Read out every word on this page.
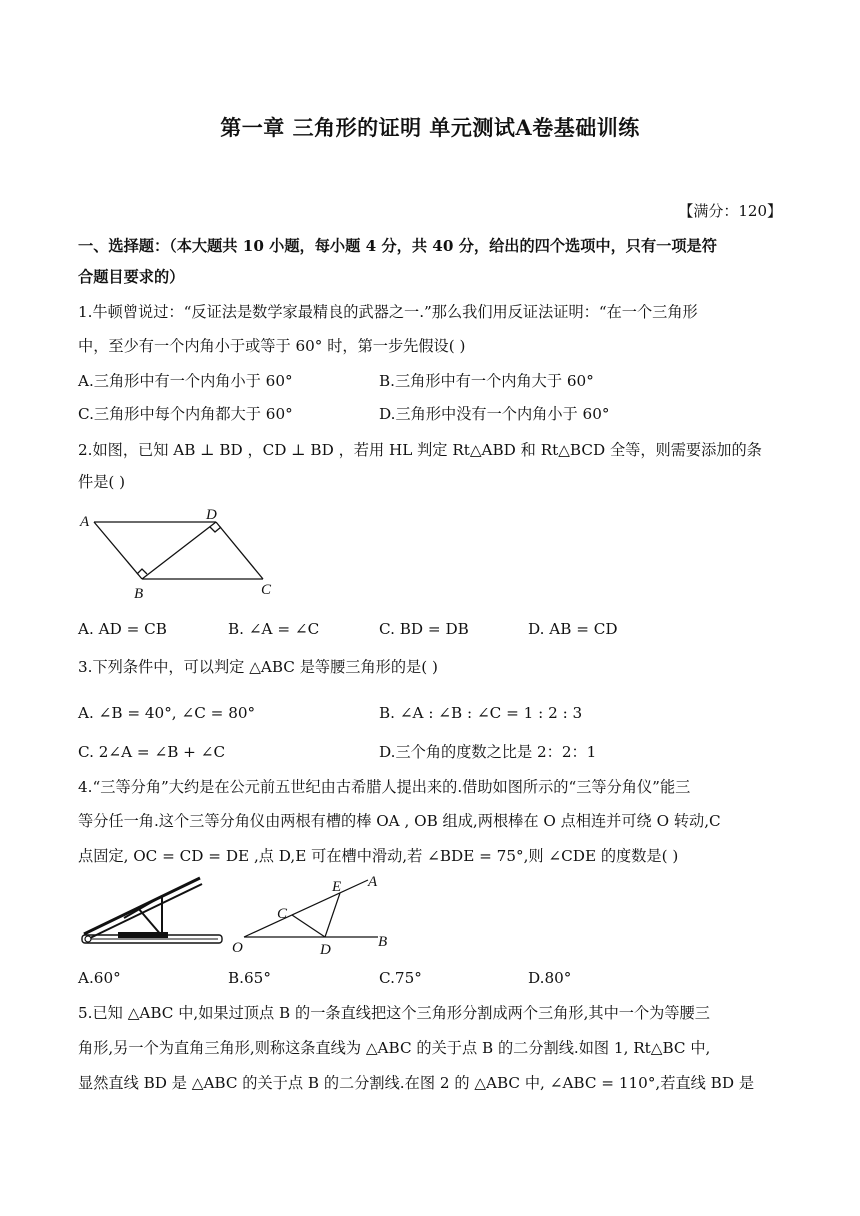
第一章 三角形的证明 单元测试A卷基础训练
【满分：120】
一、选择题：（本大题共 10 小题，每小题 4 分，共 40 分，给出的四个选项中，只有一项是符
合题目要求的）
1.牛顿曾说过：“反证法是数学家最精良的武器之一.”那么我们用反证法证明：“在一个三角形
中，至少有一个内角小于或等于 60° 时，第一步先假设( )
A.三角形中有一个内角小于 60°	B.三角形中有一个内角大于 60°
C.三角形中每个内角都大于 60°	D.三角形中没有一个内角小于 60°
2.如图，已知 AB ⊥ BD ，CD ⊥ BD ，若用 HL 判定 Rt△ABD 和 Rt△BCD 全等，则需要添加的条
件是( )
A	D
B	C
A. AD = CB	B. ∠A = ∠C	C. BD = DB	D. AB = CD
3.下列条件中，可以判定 △ABC 是等腰三角形的是( )
A. ∠B = 40°, ∠C = 80°	B. ∠A : ∠B : ∠C = 1 : 2 : 3
C. 2∠A = ∠B + ∠C	D.三个角的度数之比是 2：2：1
4.“三等分角”大约是在公元前五世纪由古希腊人提出来的.借助如图所示的“三等分角仪”能三
等分任一角.这个三等分角仪由两根有槽的棒 OA , OB 组成,两根棒在 O 点相连并可绕 O 转动,C
点固定, OC = CD = DE ,点 D,E 可在槽中滑动,若 ∠BDE = 75°,则 ∠CDE 的度数是( )
O
A
B
C
D
E
A.60°	B.65°	C.75°	D.80°
5.已知 △ABC 中,如果过顶点 B 的一条直线把这个三角形分割成两个三角形,其中一个为等腰三
角形,另一个为直角三角形,则称这条直线为 △ABC 的关于点 B 的二分割线.如图 1, Rt△BC 中,
显然直线 BD 是 △ABC 的关于点 B 的二分割线.在图 2 的 △ABC 中, ∠ABC = 110°,若直线 BD 是
